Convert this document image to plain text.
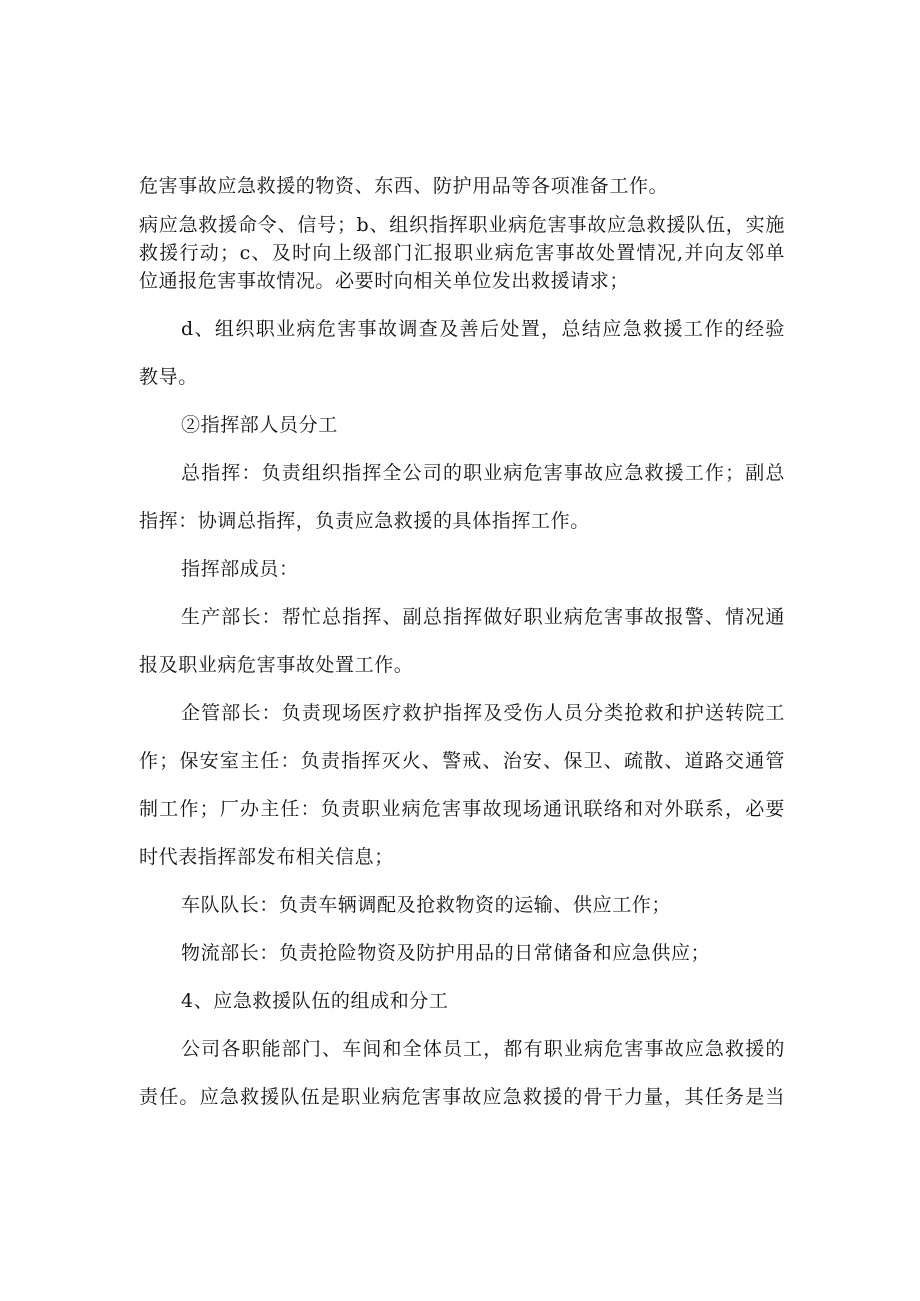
危害事故应急救援的物资、东西、防护用品等各项准备工作。
病应急救援命令、信号；b、组织指挥职业病危害事故应急救援队伍，实施
救援行动；c、及时向上级部门汇报职业病危害事故处置情况,并向友邻单
位通报危害事故情况。必要时向相关单位发出救援请求；
d、组织职业病危害事故调查及善后处置，总结应急救援工作的经验
教导。
②指挥部人员分工
总指挥：负责组织指挥全公司的职业病危害事故应急救援工作；副总
指挥：协调总指挥，负责应急救援的具体指挥工作。
指挥部成员：
生产部长：帮忙总指挥、副总指挥做好职业病危害事故报警、情况通
报及职业病危害事故处置工作。
企管部长：负责现场医疗救护指挥及受伤人员分类抢救和护送转院工
作；保安室主任：负责指挥灭火、警戒、治安、保卫、疏散、道路交通管
制工作；厂办主任：负责职业病危害事故现场通讯联络和对外联系，必要
时代表指挥部发布相关信息；
车队队长：负责车辆调配及抢救物资的运输、供应工作；
物流部长：负责抢险物资及防护用品的日常储备和应急供应；
4、应急救援队伍的组成和分工
公司各职能部门、车间和全体员工，都有职业病危害事故应急救援的
责任。应急救援队伍是职业病危害事故应急救援的骨干力量，其任务是当
